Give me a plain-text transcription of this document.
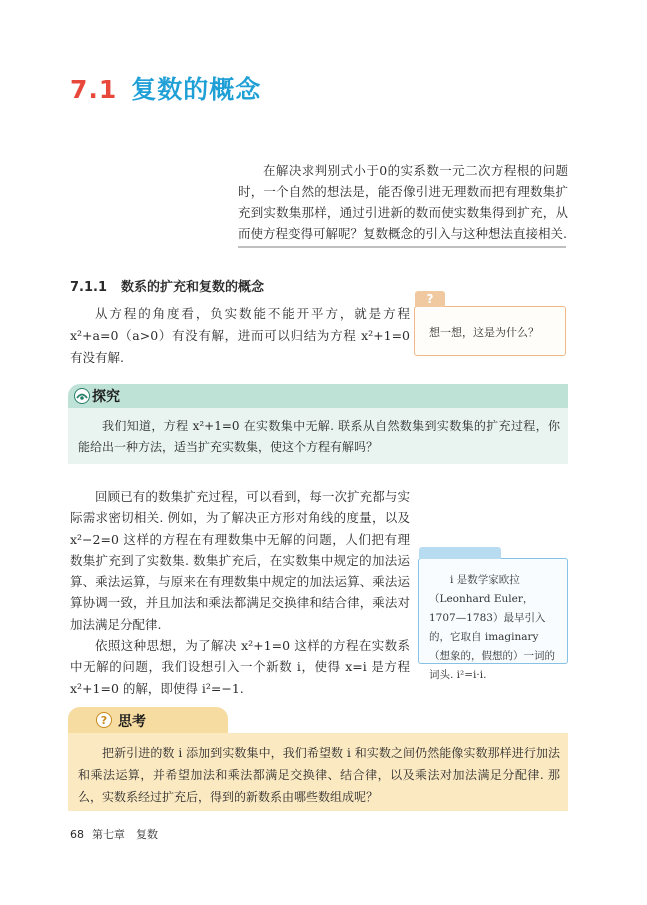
7.1 复数的概念
在解决求判别式小于0的实系数一元二次方程根的问题时，一个自然的想法是，能否像引进无理数而把有理数集扩充到实数集那样，通过引进新的数而使实数集得到扩充，从而使方程变得可解呢？复数概念的引入与这种想法直接相关.
7.1.1 数系的扩充和复数的概念
从方程的角度看，负实数能不能开平方，就是方程 x²+a=0（a>0）有没有解，进而可以归结为方程 x²+1=0 有没有解.
?
想一想，这是为什么？
探究
我们知道，方程 x²+1=0 在实数集中无解. 联系从自然数集到实数集的扩充过程，你能给出一种方法，适当扩充实数集，使这个方程有解吗？
回顾已有的数集扩充过程，可以看到，每一次扩充都与实际需求密切相关. 例如，为了解决正方形对角线的度量，以及 x²−2=0 这样的方程在有理数集中无解的问题，人们把有理数集扩充到了实数集. 数集扩充后，在实数集中规定的加法运算、乘法运算，与原来在有理数集中规定的加法运算、乘法运算协调一致，并且加法和乘法都满足交换律和结合律，乘法对加法满足分配律.
依照这种思想，为了解决 x²+1=0 这样的方程在实数系中无解的问题，我们设想引入一个新数 i，使得 x=i 是方程 x²+1=0 的解，即使得 i²=−1.
i 是数学家欧拉（Leonhard Euler，1707—1783）最早引入的，它取自 imaginary（想象的，假想的）一词的词头. i²=i·i.
? 思考
把新引进的数 i 添加到实数集中，我们希望数 i 和实数之间仍然能像实数那样进行加法和乘法运算，并希望加法和乘法都满足交换律、结合律，以及乘法对加法满足分配律. 那么，实数系经过扩充后，得到的新数系由哪些数组成呢？
68 第七章　复数
